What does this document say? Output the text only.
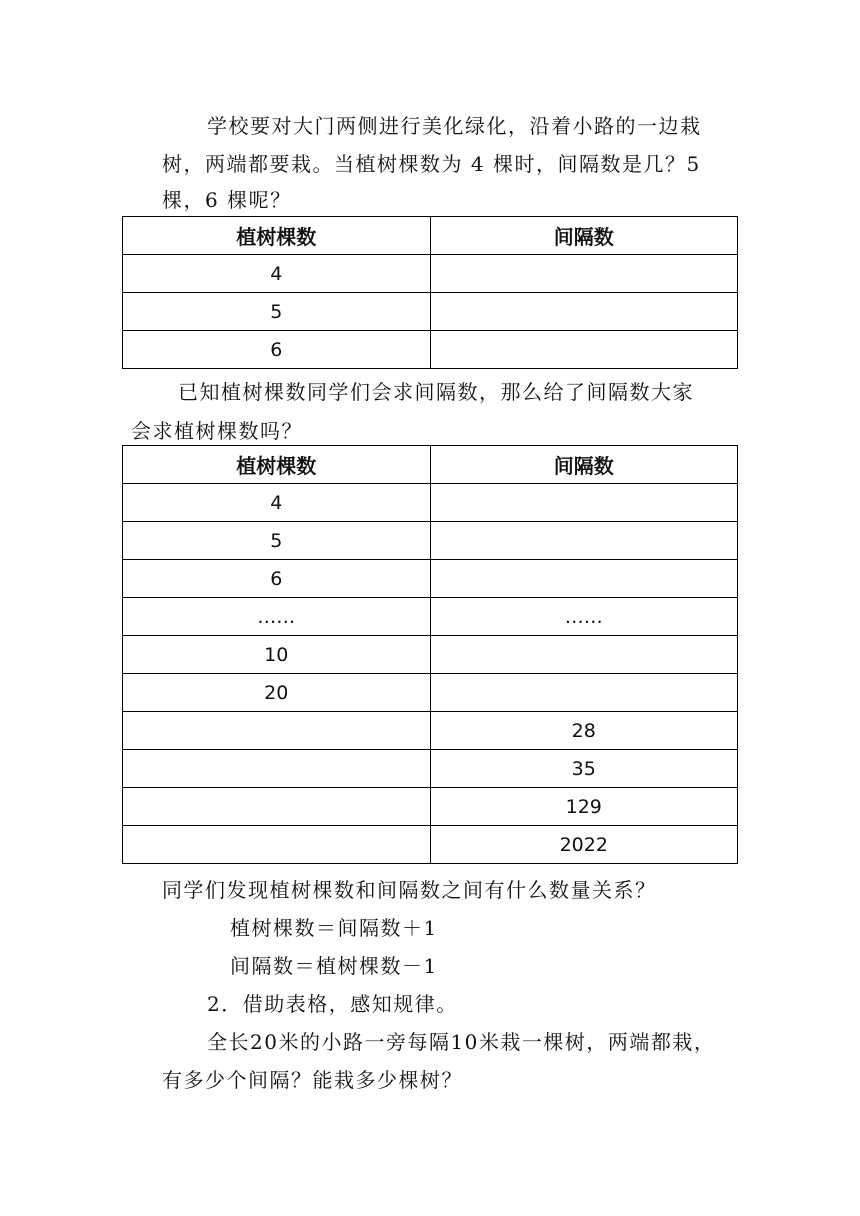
学校要对大门两侧进行美化绿化，沿着小路的一边栽
树，两端都要栽。当植树棵数为 4 棵时，间隔数是几？5
棵，6 棵呢？
植树棵数	间隔数
4	
5	
6	
已知植树棵数同学们会求间隔数，那么给了间隔数大家
会求植树棵数吗？
植树棵数	间隔数
4	
5	
6	
……	……
10	
20	
	28
	35
	129
	2022
同学们发现植树棵数和间隔数之间有什么数量关系？
植树棵数＝间隔数＋1
间隔数＝植树棵数－1
2．借助表格，感知规律。
全长20米的小路一旁每隔10米栽一棵树，两端都栽，
有多少个间隔？能栽多少棵树？
